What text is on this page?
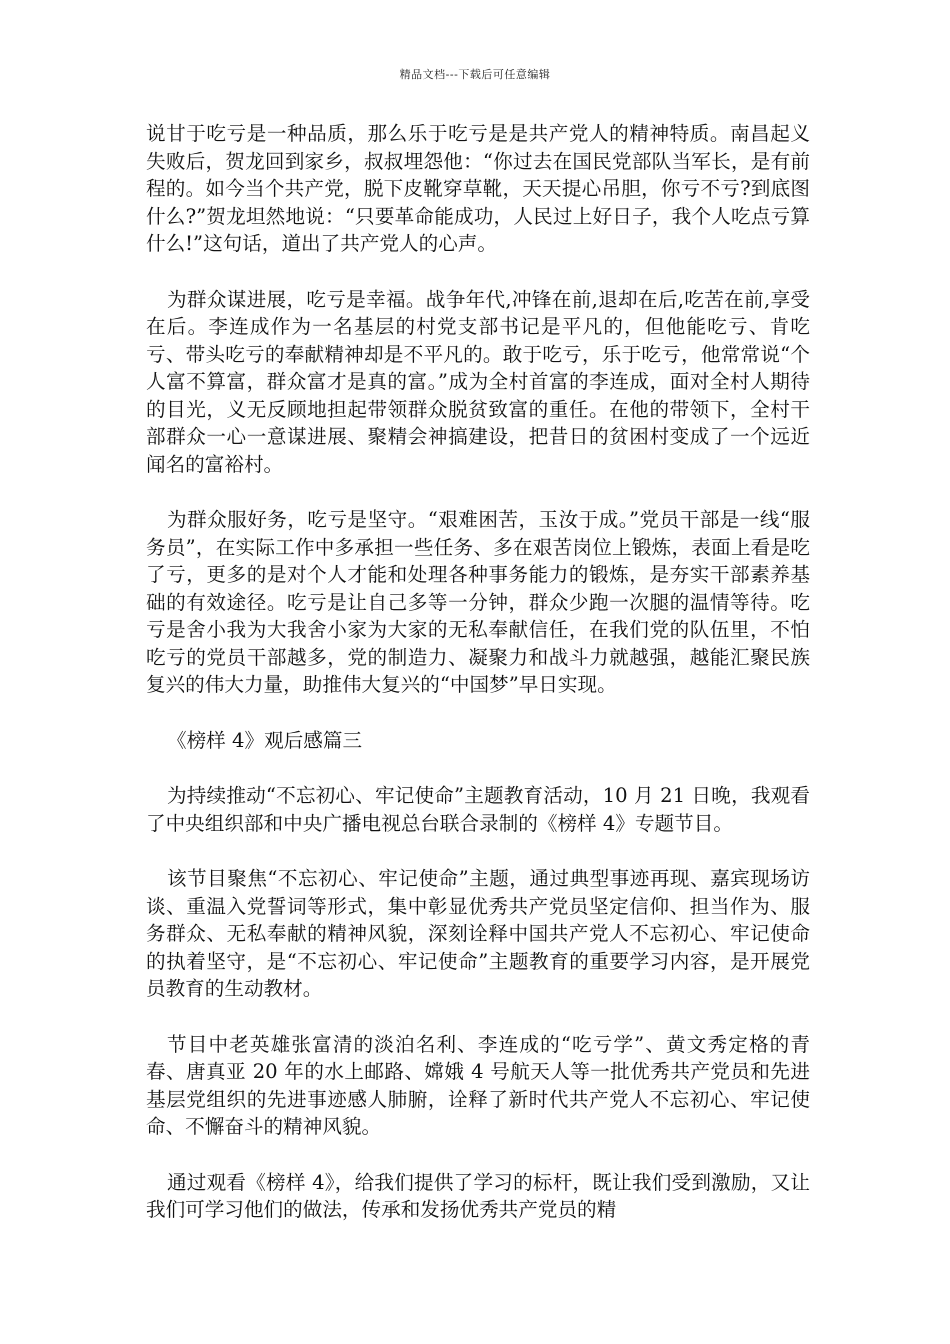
精品文档---下载后可任意编辑

说甘于吃亏是一种品质，那么乐于吃亏是是共产党人的精神特质。南昌起义失败后，贺龙回到家乡，叔叔埋怨他：“你过去在国民党部队当军长，是有前程的。如今当个共产党，脱下皮靴穿草靴，天天提心吊胆，你亏不亏?到底图什么?”贺龙坦然地说：“只要革命能成功，人民过上好日子，我个人吃点亏算什么!”这句话，道出了共产党人的心声。

为群众谋进展，吃亏是幸福。战争年代,冲锋在前,退却在后,吃苦在前,享受在后。李连成作为一名基层的村党支部书记是平凡的，但他能吃亏、肯吃亏、带头吃亏的奉献精神却是不平凡的。敢于吃亏，乐于吃亏，他常常说“个人富不算富，群众富才是真的富。”成为全村首富的李连成，面对全村人期待的目光，义无反顾地担起带领群众脱贫致富的重任。在他的带领下，全村干部群众一心一意谋进展、聚精会神搞建设，把昔日的贫困村变成了一个远近闻名的富裕村。

为群众服好务，吃亏是坚守。“艰难困苦，玉汝于成。”党员干部是一线“服务员”，在实际工作中多承担一些任务、多在艰苦岗位上锻炼，表面上看是吃了亏，更多的是对个人才能和处理各种事务能力的锻炼，是夯实干部素养基础的有效途径。吃亏是让自己多等一分钟，群众少跑一次腿的温情等待。吃亏是舍小我为大我舍小家为大家的无私奉献信任，在我们党的队伍里，不怕吃亏的党员干部越多，党的制造力、凝聚力和战斗力就越强，越能汇聚民族复兴的伟大力量，助推伟大复兴的“中国梦”早日实现。

《榜样 4》观后感篇三

为持续推动“不忘初心、牢记使命”主题教育活动，10 月 21 日晚，我观看了中央组织部和中央广播电视总台联合录制的《榜样 4》专题节目。

该节目聚焦“不忘初心、牢记使命”主题，通过典型事迹再现、嘉宾现场访谈、重温入党誓词等形式，集中彰显优秀共产党员坚定信仰、担当作为、服务群众、无私奉献的精神风貌，深刻诠释中国共产党人不忘初心、牢记使命的执着坚守，是“不忘初心、牢记使命”主题教育的重要学习内容，是开展党员教育的生动教材。

节目中老英雄张富清的淡泊名利、李连成的“吃亏学”、黄文秀定格的青春、唐真亚 20 年的水上邮路、嫦娥 4 号航天人等一批优秀共产党员和先进基层党组织的先进事迹感人肺腑，诠释了新时代共产党人不忘初心、牢记使命、不懈奋斗的精神风貌。

通过观看《榜样 4》，给我们提供了学习的标杆，既让我们受到激励，又让我们可学习他们的做法，传承和发扬优秀共产党员的精
